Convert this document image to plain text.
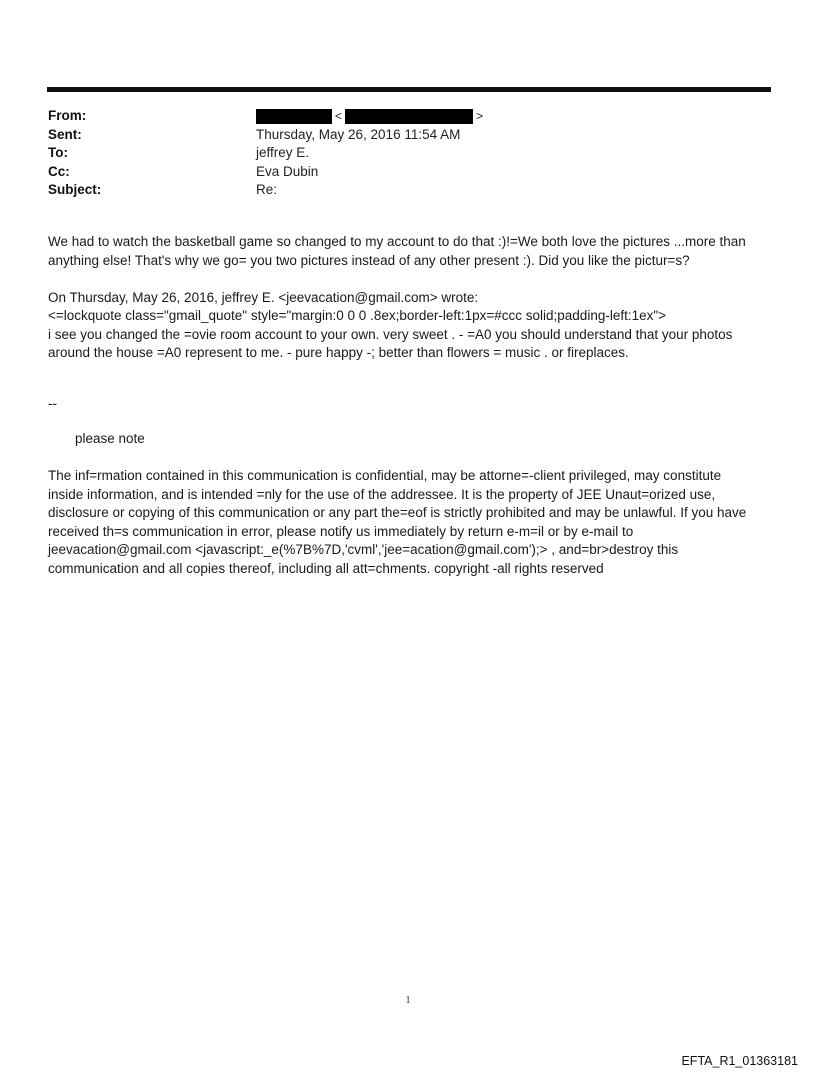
From:	<	>
Sent:	Thursday, May 26, 2016 11:54 AM
To:	jeffrey E.
Cc:	Eva Dubin
Subject:	Re:

We had to watch the basketball game so changed to my account to do that :)!=We both love the pictures ...more than

anything else! That's why we go= you two pictures instead of any other present :). Did you like the pictur=s?

On Thursday, May 26, 2016, jeffrey E. <jeevacation@gmail.com> wrote:

<=lockquote class="gmail_quote" style="margin:0 0 0 .8ex;border-left:1px=#ccc solid;padding-left:1ex">

i see you changed the =ovie room account to your own. very sweet . - =A0 you should understand that your photos

around the house =A0 represent to me. - pure happy -; better than flowers = music . or fireplaces.

--
please note
The inf=rmation contained in this communication is confidential, may be attorne=-client privileged, may constitute
inside information, and is intended =nly for the use of the addressee. It is the property of JEE Unaut=orized use,
disclosure or copying of this communication or any part the=eof is strictly prohibited and may be unlawful. If you have
received th=s communication in error, please notify us immediately by return e-m=il or by e-mail to
jeevacation@gmail.com <javascript:_e(%7B%7D,'cvml','jee=acation@gmail.com');> , and=br>destroy this
communication and all copies thereof, including all att=chments. copyright -all rights reserved
1
EFTA_R1_01363181
